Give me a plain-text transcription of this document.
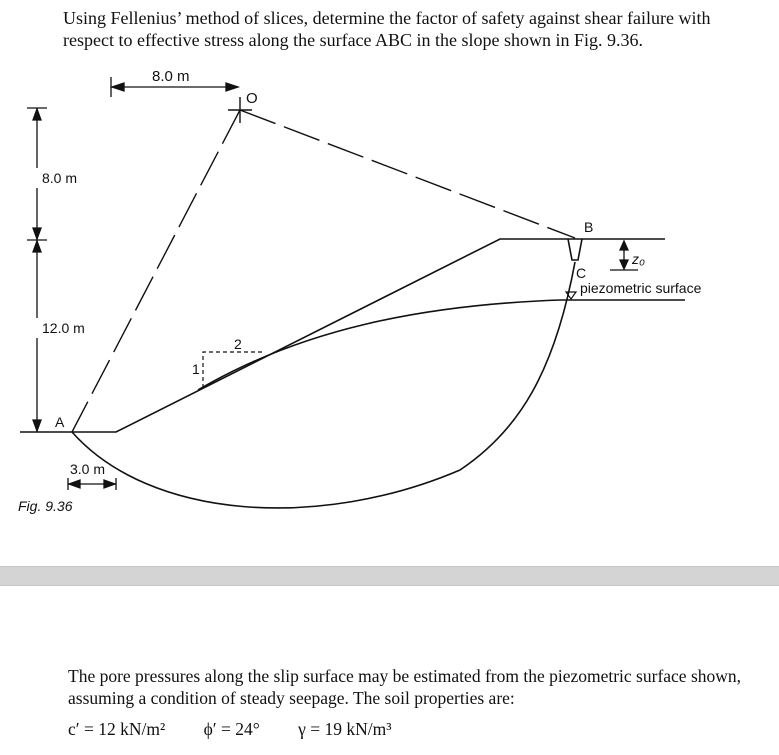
Using Fellenius’ method of slices, determine the factor of safety against shear failure with respect to effective stress along the surface ABC in the slope shown in Fig. 9.36.

8.0 m
O
8.0 m
12.0 m
A
B
C
z₀
piezometric surface
2
1
3.0 m
Fig. 9.36

The pore pressures along the slip surface may be estimated from the piezometric surface shown, assuming a condition of steady seepage. The soil properties are:

c′ = 12 kN/m² ϕ′ = 24° γ = 19 kN/m³
